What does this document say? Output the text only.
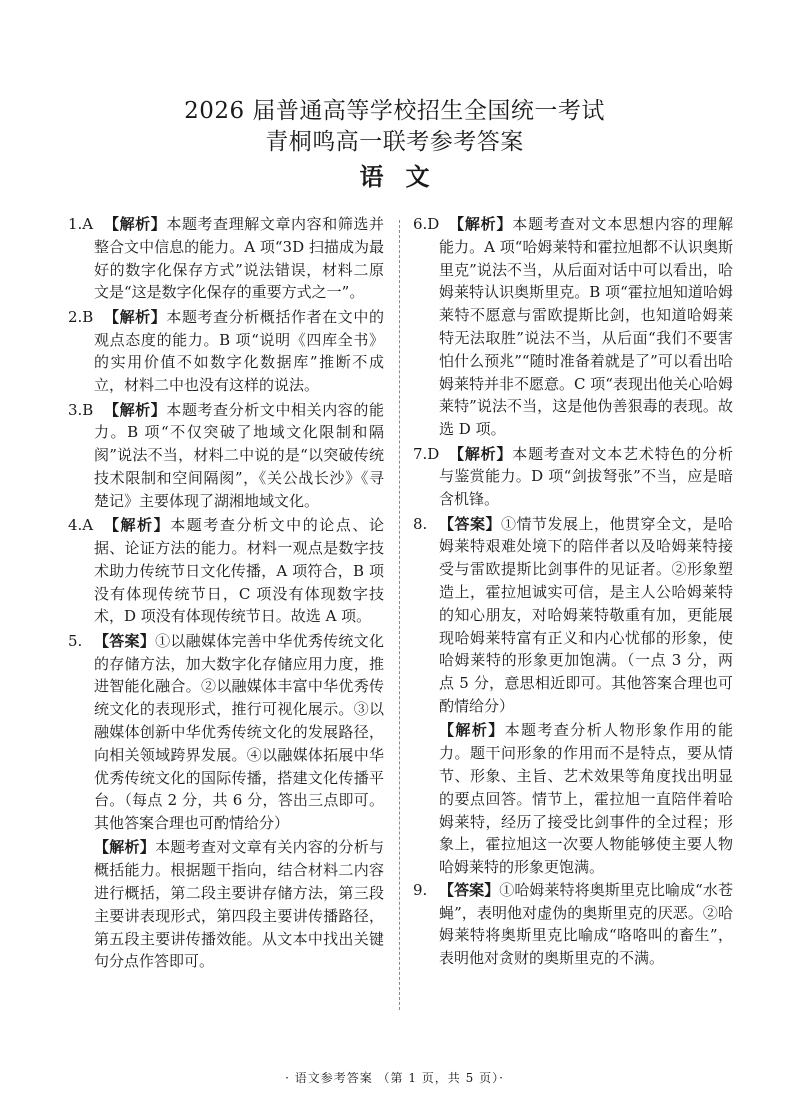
2026 届普通高等学校招生全国统一考试
青桐鸣高一联考参考答案
语文
1.A 【解析】本题考查理解文章内容和筛选并整合文中信息的能力。A 项“3D 扫描成为最好的数字化保存方式”说法错误，材料二原文是“这是数字化保存的重要方式之一”。
2.B 【解析】本题考查分析概括作者在文中的观点态度的能力。B 项“说明《四库全书》的实用价值不如数字化数据库”推断不成立，材料二中也没有这样的说法。
3.B 【解析】本题考查分析文中相关内容的能力。B 项“不仅突破了地域文化限制和隔阂”说法不当，材料二中说的是“以突破传统技术限制和空间隔阂”，《关公战长沙》《寻楚记》主要体现了湖湘地域文化。
4.A 【解析】本题考查分析文中的论点、论据、论证方法的能力。材料一观点是数字技术助力传统节日文化传播，A 项符合，B 项没有体现传统节日，C 项没有体现数字技术，D 项没有体现传统节日。故选 A 项。
5. 【答案】①以融媒体完善中华优秀传统文化的存储方法，加大数字化存储应用力度，推进智能化融合。②以融媒体丰富中华优秀传统文化的表现形式，推行可视化展示。③以融媒体创新中华优秀传统文化的发展路径，向相关领域跨界发展。④以融媒体拓展中华优秀传统文化的国际传播，搭建文化传播平台。（每点 2 分，共 6 分，答出三点即可。其他答案合理也可酌情给分）

【解析】本题考查对文章有关内容的分析与概括能力。根据题干指向，结合材料二内容进行概括，第二段主要讲存储方法，第三段主要讲表现形式，第四段主要讲传播路径，第五段主要讲传播效能。从文本中找出关键句分点作答即可。

6.D 【解析】本题考查对文本思想内容的理解能力。A 项“哈姆莱特和霍拉旭都不认识奥斯里克”说法不当，从后面对话中可以看出，哈姆莱特认识奥斯里克。B 项“霍拉旭知道哈姆莱特不愿意与雷欧提斯比剑，也知道哈姆莱特无法取胜”说法不当，从后面“我们不要害怕什么预兆”“随时准备着就是了”可以看出哈姆莱特并非不愿意。C 项“表现出他关心哈姆莱特”说法不当，这是他伪善狠毒的表现。故选 D 项。
7.D 【解析】本题考查对文本艺术特色的分析与鉴赏能力。D 项“剑拔弩张”不当，应是暗含机锋。
8. 【答案】①情节发展上，他贯穿全文，是哈姆莱特艰难处境下的陪伴者以及哈姆莱特接受与雷欧提斯比剑事件的见证者。②形象塑造上，霍拉旭诚实可信，是主人公哈姆莱特的知心朋友，对哈姆莱特敬重有加，更能展现哈姆莱特富有正义和内心忧郁的形象，使哈姆莱特的形象更加饱满。（一点 3 分，两点 5 分，意思相近即可。其他答案合理也可酌情给分）

【解析】本题考查分析人物形象作用的能力。题干问形象的作用而不是特点，要从情节、形象、主旨、艺术效果等角度找出明显的要点回答。情节上，霍拉旭一直陪伴着哈姆莱特，经历了接受比剑事件的全过程；形象上，霍拉旭这一次要人物能够使主要人物哈姆莱特的形象更饱满。

9. 【答案】①哈姆莱特将奥斯里克比喻成“水苍蝇”，表明他对虚伪的奥斯里克的厌恶。②哈姆莱特将奥斯里克比喻成“咯咯叫的畜生”，表明他对贪财的奥斯里克的不满。
· 语文参考答案 （第 1 页，共 5 页）·
